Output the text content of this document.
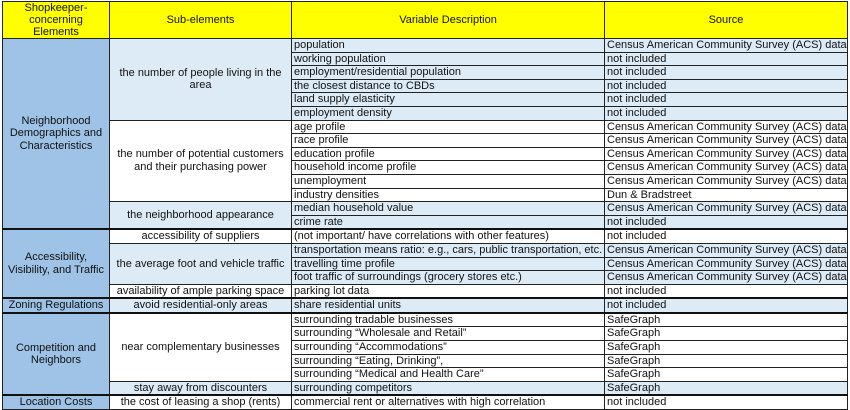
Shopkeeper-concerning Elements	Sub-elements	Variable Description	Source
Neighborhood Demographics and Characteristics	the number of people living in the area	population	Census American Community Survey (ACS) data
		working population	not included
		employment/residential population	not included
		the closest distance to CBDs	not included
		land supply elasticity	not included
		employment density	not included
	the number of potential customers and their purchasing power	age profile	Census American Community Survey (ACS) data
		race profile	Census American Community Survey (ACS) data
		education profile	Census American Community Survey (ACS) data
		household income profile	Census American Community Survey (ACS) data
		unemployment	Census American Community Survey (ACS) data
		industry densities	Dun & Bradstreet
	the neighborhood appearance	median household value	Census American Community Survey (ACS) data
		crime rate	not included
Accessibility, Visibility, and Traffic	accessibility of suppliers	(not important/ have correlations with other features)	not included
	the average foot and vehicle traffic	transportation means ratio: e.g., cars, public transportation, etc.	Census American Community Survey (ACS) data
		travelling time profile	Census American Community Survey (ACS) data
		foot traffic of surroundings (grocery stores etc.)	Census American Community Survey (ACS) data
	availability of ample parking space	parking lot data	not included
Zoning Regulations	avoid residential-only areas	share residential units	not included
Competition and Neighbors	near complementary businesses	surrounding tradable businesses	SafeGraph
		surrounding “Wholesale and Retail”	SafeGraph
		surrounding “Accommodations”	SafeGraph
		surrounding “Eating, Drinking”,	SafeGraph
		surrounding “Medical and Health Care”	SafeGraph
	stay away from discounters	surrounding competitors	SafeGraph
Location Costs	the cost of leasing a shop (rents)	commercial rent or alternatives with high correlation	not included
